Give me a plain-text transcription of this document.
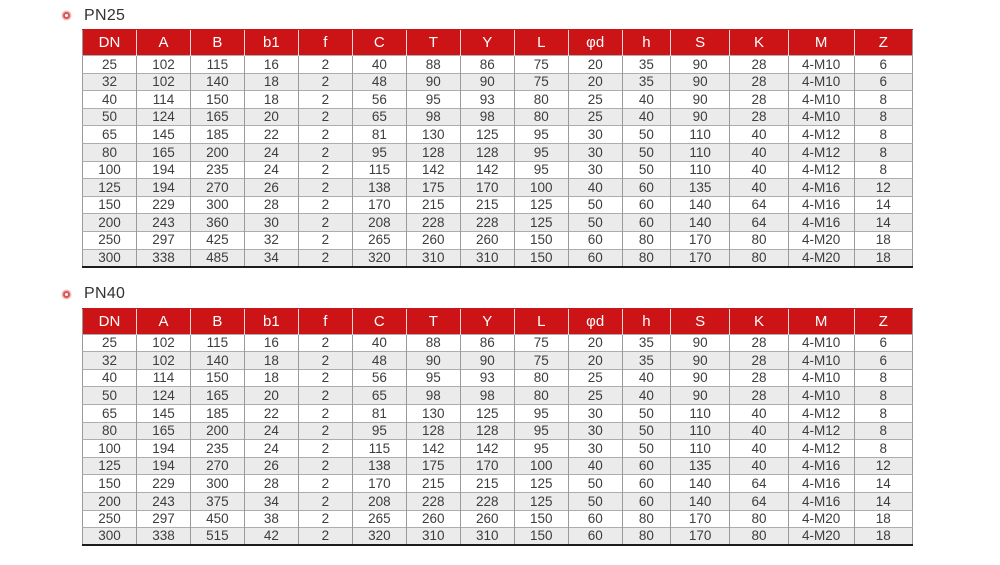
PN25
DN	A	B	b1	f	C	T	Y	L	φd	h	S	K	M	Z
25	102	115	16	2	40	88	86	75	20	35	90	28	4-M10	6
32	102	140	18	2	48	90	90	75	20	35	90	28	4-M10	6
40	114	150	18	2	56	95	93	80	25	40	90	28	4-M10	8
50	124	165	20	2	65	98	98	80	25	40	90	28	4-M10	8
65	145	185	22	2	81	130	125	95	30	50	110	40	4-M12	8
80	165	200	24	2	95	128	128	95	30	50	110	40	4-M12	8
100	194	235	24	2	115	142	142	95	30	50	110	40	4-M12	8
125	194	270	26	2	138	175	170	100	40	60	135	40	4-M16	12
150	229	300	28	2	170	215	215	125	50	60	140	64	4-M16	14
200	243	360	30	2	208	228	228	125	50	60	140	64	4-M16	14
250	297	425	32	2	265	260	260	150	60	80	170	80	4-M20	18
300	338	485	34	2	320	310	310	150	60	80	170	80	4-M20	18
PN40
DN	A	B	b1	f	C	T	Y	L	φd	h	S	K	M	Z
25	102	115	16	2	40	88	86	75	20	35	90	28	4-M10	6
32	102	140	18	2	48	90	90	75	20	35	90	28	4-M10	6
40	114	150	18	2	56	95	93	80	25	40	90	28	4-M10	8
50	124	165	20	2	65	98	98	80	25	40	90	28	4-M10	8
65	145	185	22	2	81	130	125	95	30	50	110	40	4-M12	8
80	165	200	24	2	95	128	128	95	30	50	110	40	4-M12	8
100	194	235	24	2	115	142	142	95	30	50	110	40	4-M12	8
125	194	270	26	2	138	175	170	100	40	60	135	40	4-M16	12
150	229	300	28	2	170	215	215	125	50	60	140	64	4-M16	14
200	243	375	34	2	208	228	228	125	50	60	140	64	4-M16	14
250	297	450	38	2	265	260	260	150	60	80	170	80	4-M20	18
300	338	515	42	2	320	310	310	150	60	80	170	80	4-M20	18
